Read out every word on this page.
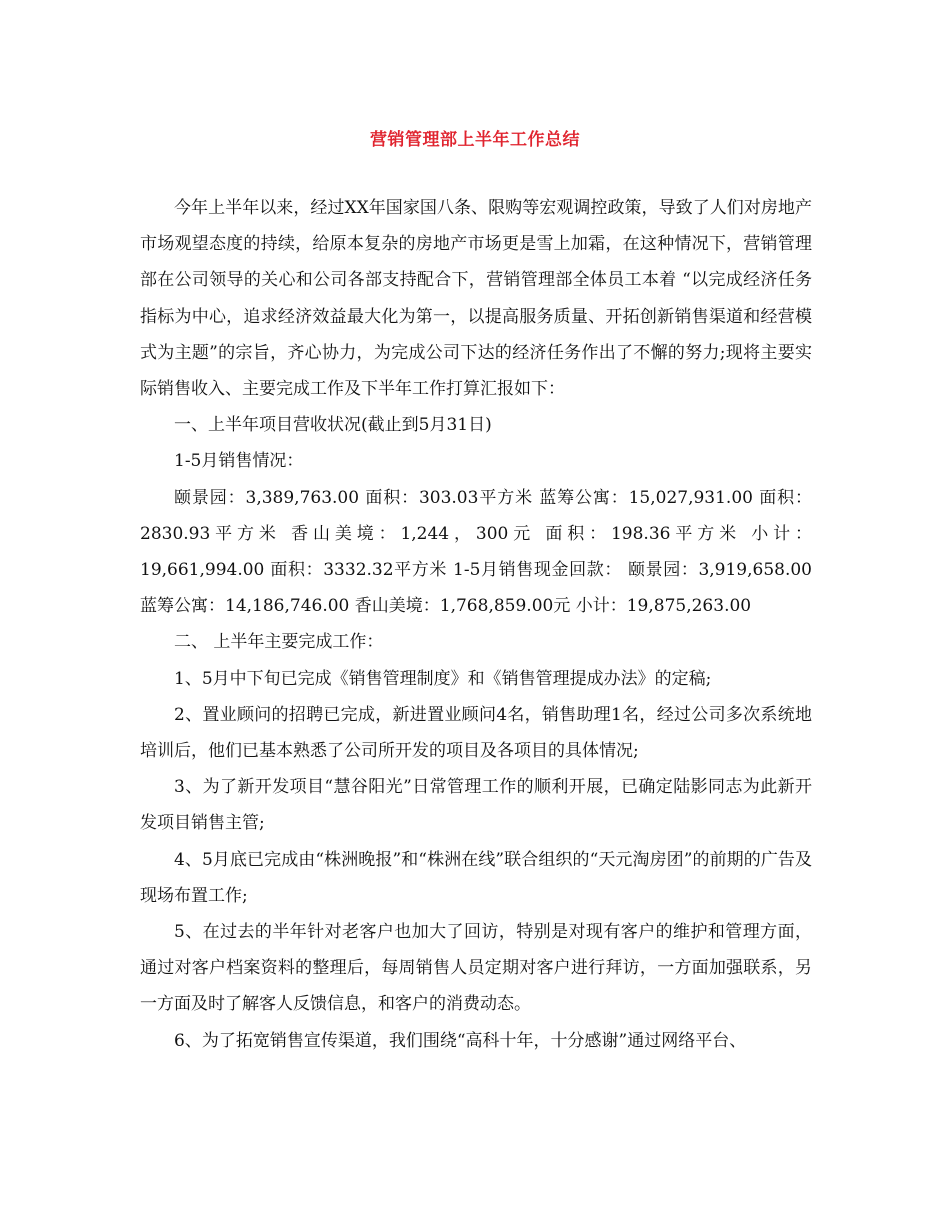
营销管理部上半年工作总结

今年上半年以来，经过XX年国家国八条、限购等宏观调控政策，导致了人们对房地产市场观望态度的持续，给原本复杂的房地产市场更是雪上加霜，在这种情况下，营销管理部在公司领导的关心和公司各部支持配合下，营销管理部全体员工本着 “以完成经济任务指标为中心，追求经济效益最大化为第一，以提高服务质量、开拓创新销售渠道和经营模式为主题”的宗旨，齐心协力，为完成公司下达的经济任务作出了不懈的努力;现将主要实际销售收入、主要完成工作及下半年工作打算汇报如下：

一、上半年项目营收状况(截止到5月31日)

1-5月销售情况：

颐景园：3,389,763.00 面积：303.03平方米 蓝筹公寓：15,027,931.00 面积：2830.93平方米 香山美境：1,244，300元 面积：198.36平方米 小计：19,661,994.00 面积：3332.32平方米 1-5月销售现金回款： 颐景园：3,919,658.00 蓝筹公寓：14,186,746.00 香山美境：1,768,859.00元 小计：19,875,263.00

二、 上半年主要完成工作：

1、5月中下旬已完成《销售管理制度》和《销售管理提成办法》的定稿;

2、置业顾问的招聘已完成，新进置业顾问4名，销售助理1名，经过公司多次系统地培训后，他们已基本熟悉了公司所开发的项目及各项目的具体情况;

3、为了新开发项目“慧谷阳光”日常管理工作的顺利开展，已确定陆影同志为此新开发项目销售主管;

4、5月底已完成由“株洲晚报”和“株洲在线”联合组织的“天元淘房团”的前期的广告及现场布置工作;

5、在过去的半年针对老客户也加大了回访，特别是对现有客户的维护和管理方面，通过对客户档案资料的整理后，每周销售人员定期对客户进行拜访，一方面加强联系，另一方面及时了解客人反馈信息，和客户的消费动态。

6、为了拓宽销售宣传渠道，我们围绕“高科十年，十分感谢”通过网络平台、
